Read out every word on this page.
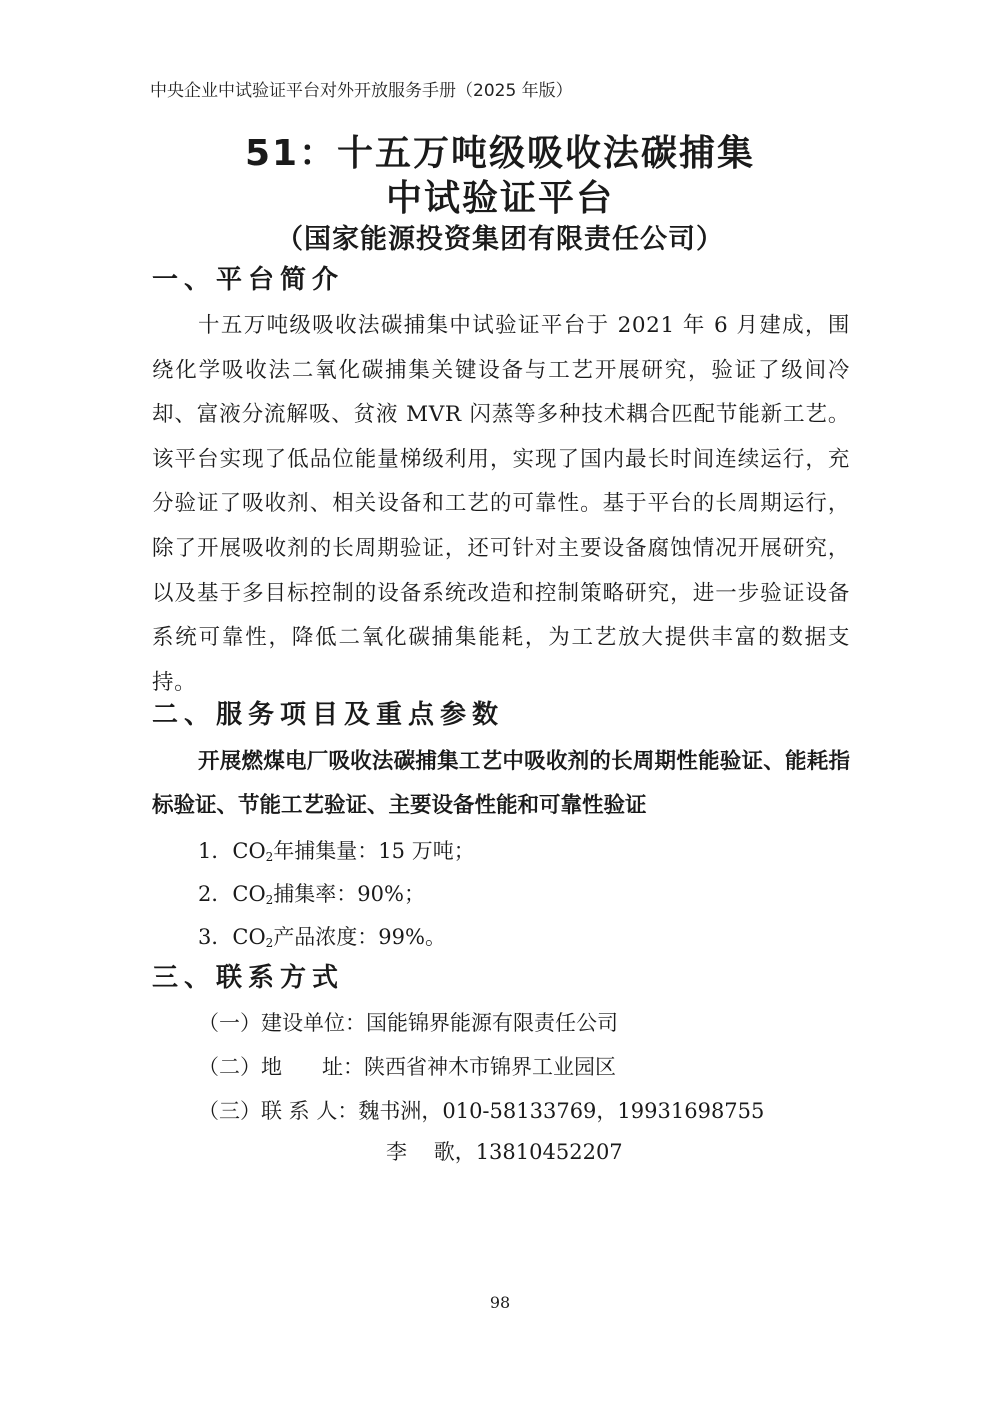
中央企业中试验证平台对外开放服务手册（2025 年版）
51：十五万吨级吸收法碳捕集
中试验证平台
（国家能源投资集团有限责任公司）
一、平台简介

十五万吨级吸收法碳捕集中试验证平台于 2021 年 6 月建成，围绕化学吸收法二氧化碳捕集关键设备与工艺开展研究，验证了级间冷却、富液分流解吸、贫液 MVR 闪蒸等多种技术耦合匹配节能新工艺。该平台实现了低品位能量梯级利用，实现了国内最长时间连续运行，充分验证了吸收剂、相关设备和工艺的可靠性。基于平台的长周期运行，除了开展吸收剂的长周期验证，还可针对主要设备腐蚀情况开展研究，以及基于多目标控制的设备系统改造和控制策略研究，进一步验证设备系统可靠性，降低二氧化碳捕集能耗，为工艺放大提供丰富的数据支持。

二、服务项目及重点参数

开展燃煤电厂吸收法碳捕集工艺中吸收剂的长周期性能验证、能耗指标验证、节能工艺验证、主要设备性能和可靠性验证

1．$CO_2$年捕集量：15 万吨；
2．$CO_2$捕集率：90%；
3．$CO_2$产品浓度：99%。
三、联系方式
（一）建设单位：国能锦界能源有限责任公司
（二）地      址：陕西省神木市锦界工业园区
（三）联 系 人：魏书洲，010-58133769，19931698755
李    歌，13810452207
98
